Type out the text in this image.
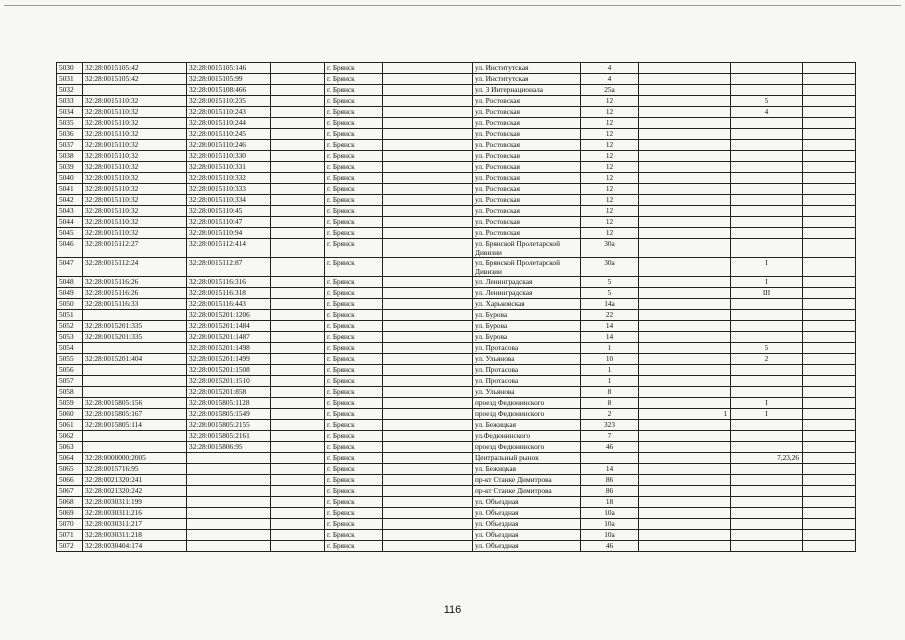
5030	32:28:0015105:42	32:28:0015105:146		г. Брянск		ул. Институтская	4			
5031	32:28:0015105:42	32:28:0015105:99		г. Брянск		ул. Институтская	4			
5032		32:28:0015108:466		г. Брянск		ул. 3 Интернационала	25а			
5033	32:28:0015110:32	32:28:0015110:235		г. Брянск		ул. Ростовская	12		5	
5034	32:28:0015110:32	32:28:0015110:243		г. Брянск		ул. Ростовская	12		4	
5035	32:28:0015110:32	32:28:0015110:244		г. Брянск		ул. Ростовская	12			
5036	32:28:0015110:32	32:28:0015110:245		г. Брянск		ул. Ростовская	12			
5037	32:28:0015110:32	32:28:0015110:246		г. Брянск		ул. Ростовская	12			
5038	32:28:0015110:32	32:28:0015110:330		г. Брянск		ул. Ростовская	12			
5039	32:28:0015110:32	32:28:0015110:331		г. Брянск		ул. Ростовская	12			
5040	32:28:0015110:32	32:28:0015110:332		г. Брянск		ул. Ростовская	12			
5041	32:28:0015110:32	32:28:0015110:333		г. Брянск		ул. Ростовская	12			
5042	32:28:0015110:32	32:28:0015110:334		г. Брянск		ул. Ростовская	12			
5043	32:28:0015110:32	32:28:0015110:45		г. Брянск		ул. Ростовская	12			
5044	32:28:0015110:32	32:28:0015110:47		г. Брянск		ул. Ростовская	12			
5045	32:28:0015110:32	32:28:0015110:94		г. Брянск		ул. Ростовская	12			
5046	32:28:0015112:27	32:28:0015112:414		г. Брянск		ул. Брянской Пролетарской Дивизии	30а			
5047	32:28:0015112:24	32:28:0015112:87		г. Брянск		ул. Брянской Пролетарской Дивизии	30а		I	
5048	32:28:0015116:26	32:28:0015116:316		г. Брянск		ул. Ленинградская	5		I	
5049	32:28:0015116:26	32:28:0015116:318		г. Брянск		ул. Ленинградская	5		III	
5050	32:28:0015116:33	32:28:0015116:443		г. Брянск		ул. Харьковская	14а			
5051		32:28:0015201:1206		г. Брянск		ул. Бурова	22			
5052	32:28:0015201:335	32:28:0015201:1484		г. Брянск		ул. Бурова	14			
5053	32:28:0015201:335	32:28:0015201:1487		г. Брянск		ул. Бурова	14			
5054		32:28:0015201:1498		г. Брянск		ул. Протасова	1		5	
5055	32:28:0015201:404	32:28:0015201:1499		г. Брянск		ул. Ульянова	10		2	
5056		32:28:0015201:1508		г. Брянск		ул. Протасова	1			
5057		32:28:0015201:1510		г. Брянск		ул. Протасова	1			
5058		32:28:0015201:858		г. Брянск		ул. Ульянова	8			
5059	32:28:0015805:156	32:28:0015805:1128		г. Брянск		проезд Федюнинского	8		I	
5060	32:28:0015805:167	32:28:0015805:1549		г. Брянск		проезд Федюнинского	2	1	I	
5061	32:28:0015805:114	32:28:0015805:2155		г. Брянск		ул. Бежицкая	323			
5062		32:28:0015805:2161		г. Брянск		ул.Федюнинского	7			
5063		32:28:0015806:95		г. Брянск		проезд Федюнинского	46			
5064	32:28:0000000:2005			г. Брянск		Центральный рынок			7,23,26	
5065	32:28:0015716:95			г. Брянск		ул. Бежицкая	14			
5066	32:28:0021320:241			г. Брянск		пр-кт Станке Димитрова	86			
5067	32:28:0021320:242			г. Брянск		пр-кт Станке Димитрова	86			
5068	32:28:0030311:199			г. Брянск		ул. Объездная	18			
5069	32:28:0030311:216			г. Брянск		ул. Объездная	10а			
5070	32:28:0030311:217			г. Брянск		ул. Объездная	10а			
5071	32:28:0030311:218			г. Брянск		ул. Объездная	10а			
5072	32:28:0030404:174			г. Брянск		ул. Объездная	46			
116
